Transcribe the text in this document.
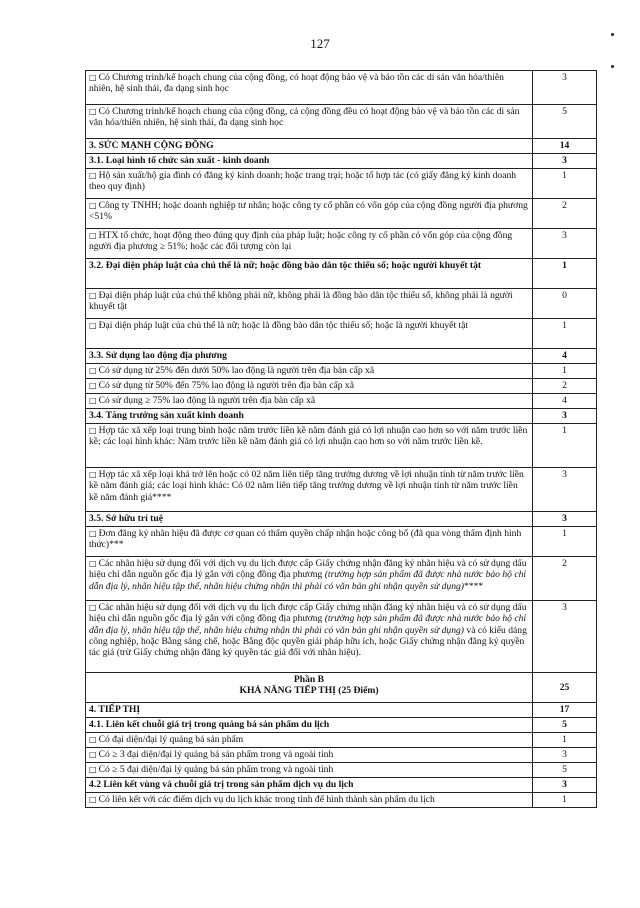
127
□ Có Chương trình/kế hoạch chung của cộng đồng, có hoạt động bảo vệ và bảo tồn các di sản văn hóa/thiên nhiên, hệ sinh thái, đa dạng sinh học	3
□ Có Chương trình/kế hoạch chung của cộng đồng, cả cộng đồng đều có hoạt động bảo vệ và bảo tồn các di sản văn hóa/thiên nhiên, hệ sinh thái, đa dạng sinh học	5
3. SỨC MẠNH CỘNG ĐỒNG	14
3.1. Loại hình tổ chức sản xuất - kinh doanh	3
□ Hộ sản xuất/hộ gia đình có đăng ký kinh doanh; hoặc trang trại; hoặc tổ hợp tác (có giấy đăng ký kinh doanh theo quy định)	1
□ Công ty TNHH; hoặc doanh nghiệp tư nhân; hoặc công ty cổ phần có vốn góp của cộng đồng người địa phương <51%	2
□ HTX tổ chức, hoạt động theo đúng quy định của pháp luật; hoặc công ty cổ phần có vốn góp của cộng đồng người địa phương ≥ 51%; hoặc các đối tượng còn lại	3
3.2. Đại diện pháp luật của chủ thể là nữ; hoặc đồng bào dân tộc thiểu số; hoặc người khuyết tật	1
□ Đại diện pháp luật của chủ thể không phải nữ, không phải là đồng bào dân tộc thiểu số, không phải là người khuyết tật	0
□ Đại diện pháp luật của chủ thể là nữ; hoặc là đồng bào dân tộc thiểu số; hoặc là người khuyết tật	1
3.3. Sử dụng lao động địa phương	4
□ Có sử dụng từ 25% đến dưới 50% lao động là người trên địa bàn cấp xã	1
□ Có sử dụng từ 50% đến 75% lao động là người trên địa bàn cấp xã	2
□ Có sử dụng ≥ 75% lao động là người trên địa bàn cấp xã	4
3.4. Tăng trưởng sản xuất kinh doanh	3
□ Hợp tác xã xếp loại trung bình hoặc năm trước liền kề năm đánh giá có lợi nhuận cao hơn so với năm trước liền kề; các loại hình khác: Năm trước liền kề năm đánh giá có lợi nhuận cao hơn so với năm trước liền kề.	1
□ Hợp tác xã xếp loại khá trở lên hoặc có 02 năm liên tiếp tăng trưởng dương về lợi nhuận tính từ năm trước liền kề năm đánh giá; các loại hình khác: Có 02 năm liên tiếp tăng trưởng dương về lợi nhuận tính từ năm trước liền kề năm đánh giá****	3
3.5. Sở hữu trí tuệ	3
□ Đơn đăng ký nhãn hiệu đã được cơ quan có thẩm quyền chấp nhận hoặc công bố (đã qua vòng thẩm định hình thức)***	1
□ Các nhãn hiệu sử dụng đối với dịch vụ du lịch được cấp Giấy chứng nhận đăng ký nhãn hiệu và có sử dụng dấu hiệu chỉ dẫn nguồn gốc địa lý gắn với cộng đồng địa phương (trường hợp sản phẩm đã được nhà nước bảo hộ chỉ dẫn địa lý, nhãn hiệu tập thể, nhãn hiệu chứng nhận thì phải có văn bản ghi nhận quyền sử dụng)****	2
□ Các nhãn hiệu sử dụng đối với dịch vụ du lịch được cấp Giấy chứng nhận đăng ký nhãn hiệu và có sử dụng dấu hiệu chỉ dẫn nguồn gốc địa lý gắn với cộng đồng địa phương (trường hợp sản phẩm đã được nhà nước bảo hộ chỉ dẫn địa lý, nhãn hiệu tập thể, nhãn hiệu chứng nhận thì phải có văn bản ghi nhận quyền sử dụng) và có kiểu dáng công nghiệp, hoặc Bằng sáng chế, hoặc Bằng độc quyền giải pháp hữu ích, hoặc Giấy chứng nhận đăng ký quyền tác giả (trừ Giấy chứng nhận đăng ký quyền tác giả đối với nhãn hiệu).	3

Phần B
KHẢ NĂNG TIẾP THỊ (25 Điểm)	25
4. TIẾP THỊ	17
4.1. Liên kết chuỗi giá trị trong quảng bá sản phẩm du lịch	5
□ Có đại diện/đại lý quảng bá sản phẩm	1
□ Có ≥ 3 đại diện/đại lý quảng bá sản phẩm trong và ngoài tỉnh	3
□ Có ≥ 5 đại diện/đại lý quảng bá sản phẩm trong và ngoài tỉnh	5
4.2 Liên kết vùng và chuỗi giá trị trong sản phẩm dịch vụ du lịch	3
□ Có liên kết với các điểm dịch vụ du lịch khác trong tỉnh để hình thành sản phẩm du lịch	1
